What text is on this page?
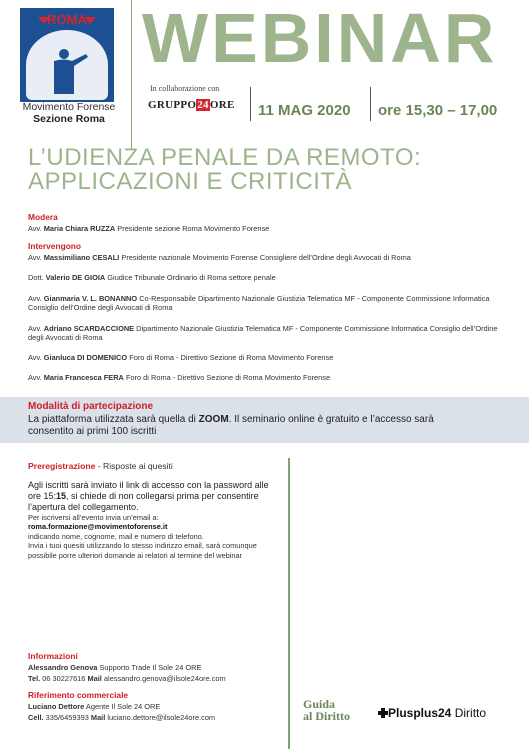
ROMA
Movimento Forense
Sezione Roma
WEBINAR
In collaborazione con
GRUPPO24ORE 11 MAG 2020 ore 15,30 – 17,00
L’UDIENZA PENALE DA REMOTO:
APPLICAZIONI E CRITICITÀ
Modera
Avv. Maria Chiara RUZZA Presidente sezione Roma Movimento Forense
Intervengono
Avv. Massimiliano CESALI Presidente nazionale Movimento Forense Consigliere dell’Ordine degli Avvocati di Roma
Dott. Valerio DE GIOIA Giudice Tribunale Ordinario di Roma settore penale
Avv. Gianmaria V. L. BONANNO Co-Responsabile Dipartimento Nazionale Giustizia Telematica MF - Componente Commissione Informatica Consiglio dell’Ordine degli Avvocati di Roma
Avv. Adriano SCARDACCIONE Dipartimento Nazionale Giustizia Telematica MF - Componente Commissione Informatica Consiglio dell’Ordine degli Avvocati di Roma
Avv. Gianluca DI DOMENICO Foro di Roma - Direttivo Sezione di Roma Movimento Forense
Avv. Maria Francesca FERA Foro di Roma - Direttivo Sezione di Roma Movimento Forense
Modalità di partecipazione
La piattaforma utilizzata sarà quella di ZOOM. Il seminario online è gratuito e l’accesso sarà consentito ai primi 100 iscritti
Preregistrazione - Risposte ai quesiti
Agli iscritti sarà inviato il link di accesso con la password alle ore 15:15, si chiede di non collegarsi prima per consentire l’apertura del collegamento.
Per iscriversi all’evento invia un’email a:
roma.formazione@movimentoforense.it
indicando nome, cognome, mail e numero di telefono.
Invia i tuoi quesiti utilizzando lo stesso indirizzo email, sarà comunque possibile porre ulteriori domande ai relatori al termine del webinar
Informazioni
Alessandro Genova Supporto Trade Il Sole 24 ORE
Tel. 06 30227616 Mail alessandro.genova@ilsole24ore.com
Riferimento commerciale
Luciano Dettore Agente Il Sole 24 ORE
Cell. 335/6459393 Mail luciano.dettore@ilsole24ore.com
Guida
al Diritto	Plusplus24 Diritto
